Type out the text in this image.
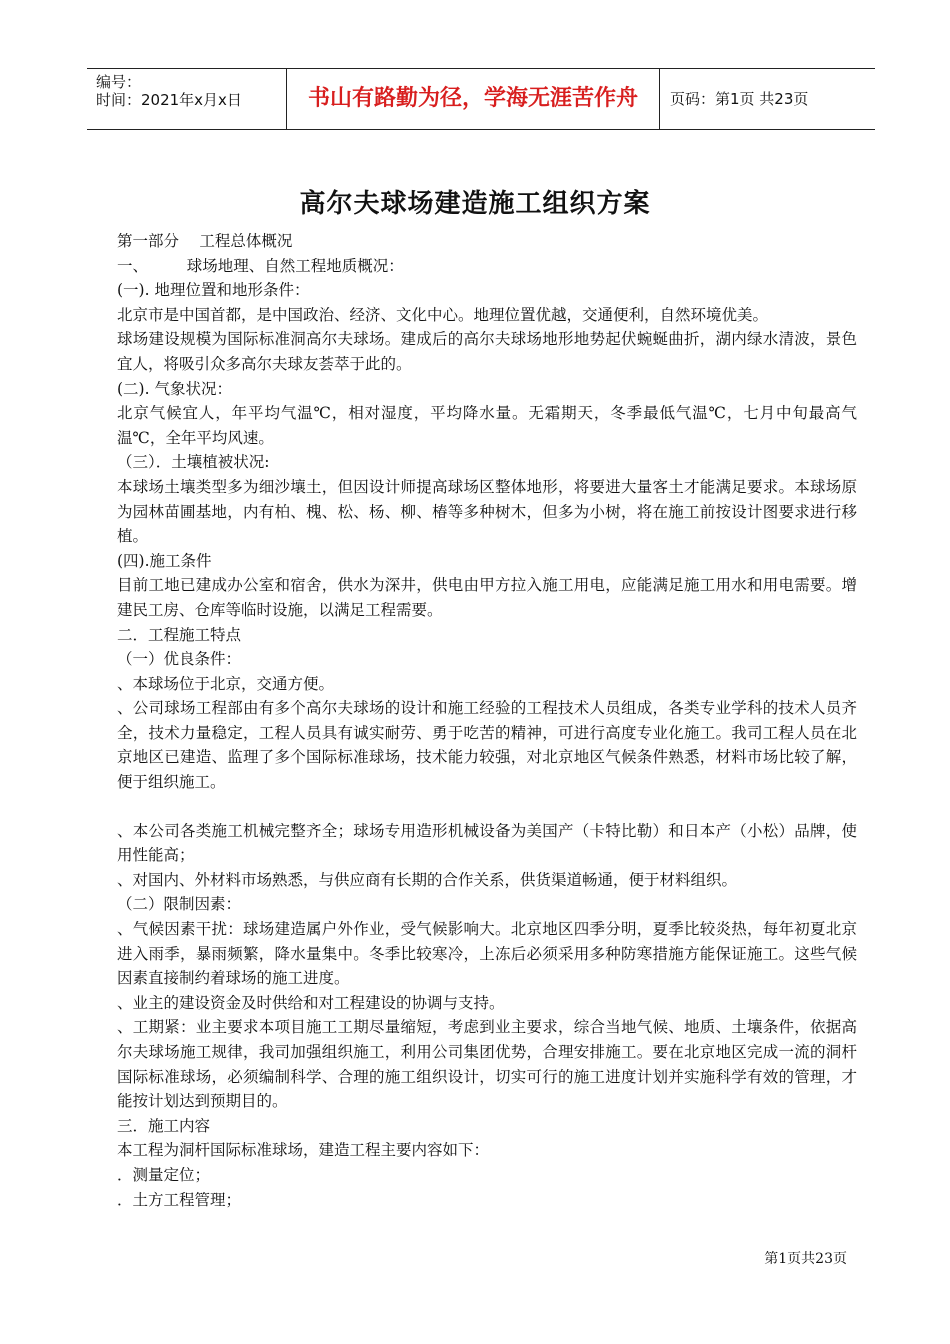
编号：
时间：2021年x月x日	书山有路勤为径，学海无涯苦作舟	页码：第1页 共23页
高尔夫球场建造施工组织方案

第一部分　 工程总体概况

一、　　　球场地理、自然工程地质概况：

(一). 地理位置和地形条件：

北京市是中国首都，是中国政治、经济、文化中心。地理位置优越，交通便利，自然环境优美。

球场建设规模为国际标准洞高尔夫球场。建成后的高尔夫球场地形地势起伏蜿蜒曲折，湖内绿水清波，景色宜人，将吸引众多高尔夫球友荟萃于此的。

(二). 气象状况：

北京气候宜人，年平均气温℃，相对湿度，平均降水量。无霜期天，冬季最低气温℃，七月中旬最高气温℃，全年平均风速。

（三）．土壤植被状况:

本球场土壤类型多为细沙壤土，但因设计师提高球场区整体地形，将要进大量客土才能满足要求。本球场原为园林苗圃基地，内有柏、槐、松、杨、柳、椿等多种树木，但多为小树，将在施工前按设计图要求进行移植。

(四).施工条件

目前工地已建成办公室和宿舍，供水为深井，供电由甲方拉入施工用电，应能满足施工用水和用电需要。增建民工房、仓库等临时设施，以满足工程需要。

二．工程施工特点

（一）优良条件：

、本球场位于北京，交通方便。

、公司球场工程部由有多个高尔夫球场的设计和施工经验的工程技术人员组成，各类专业学科的技术人员齐全，技术力量稳定，工程人员具有诚实耐劳、勇于吃苦的精神，可进行高度专业化施工。我司工程人员在北京地区已建造、监理了多个国际标准球场，技术能力较强，对北京地区气候条件熟悉，材料市场比较了解，便于组织施工。

、本公司各类施工机械完整齐全；球场专用造形机械设备为美国产（卡特比勒）和日本产（小松）品牌，使用性能高；

、对国内、外材料市场熟悉，与供应商有长期的合作关系，供货渠道畅通，便于材料组织。

（二）限制因素：

、气候因素干扰：球场建造属户外作业，受气候影响大。北京地区四季分明，夏季比较炎热，每年初夏北京进入雨季，暴雨频繁，降水量集中。冬季比较寒冷，上冻后必须采用多种防寒措施方能保证施工。这些气候因素直接制约着球场的施工进度。

、业主的建设资金及时供给和对工程建设的协调与支持。

、工期紧：业主要求本项目施工工期尽量缩短，考虑到业主要求，综合当地气候、地质、土壤条件，依据高尔夫球场施工规律，我司加强组织施工，利用公司集团优势，合理安排施工。要在北京地区完成一流的洞杆国际标准球场，必须编制科学、合理的施工组织设计，切实可行的施工进度计划并实施科学有效的管理，才能按计划达到预期目的。

三．施工内容

本工程为洞杆国际标准球场，建造工程主要内容如下：

．测量定位；

．土方工程管理；

第1页共23页
